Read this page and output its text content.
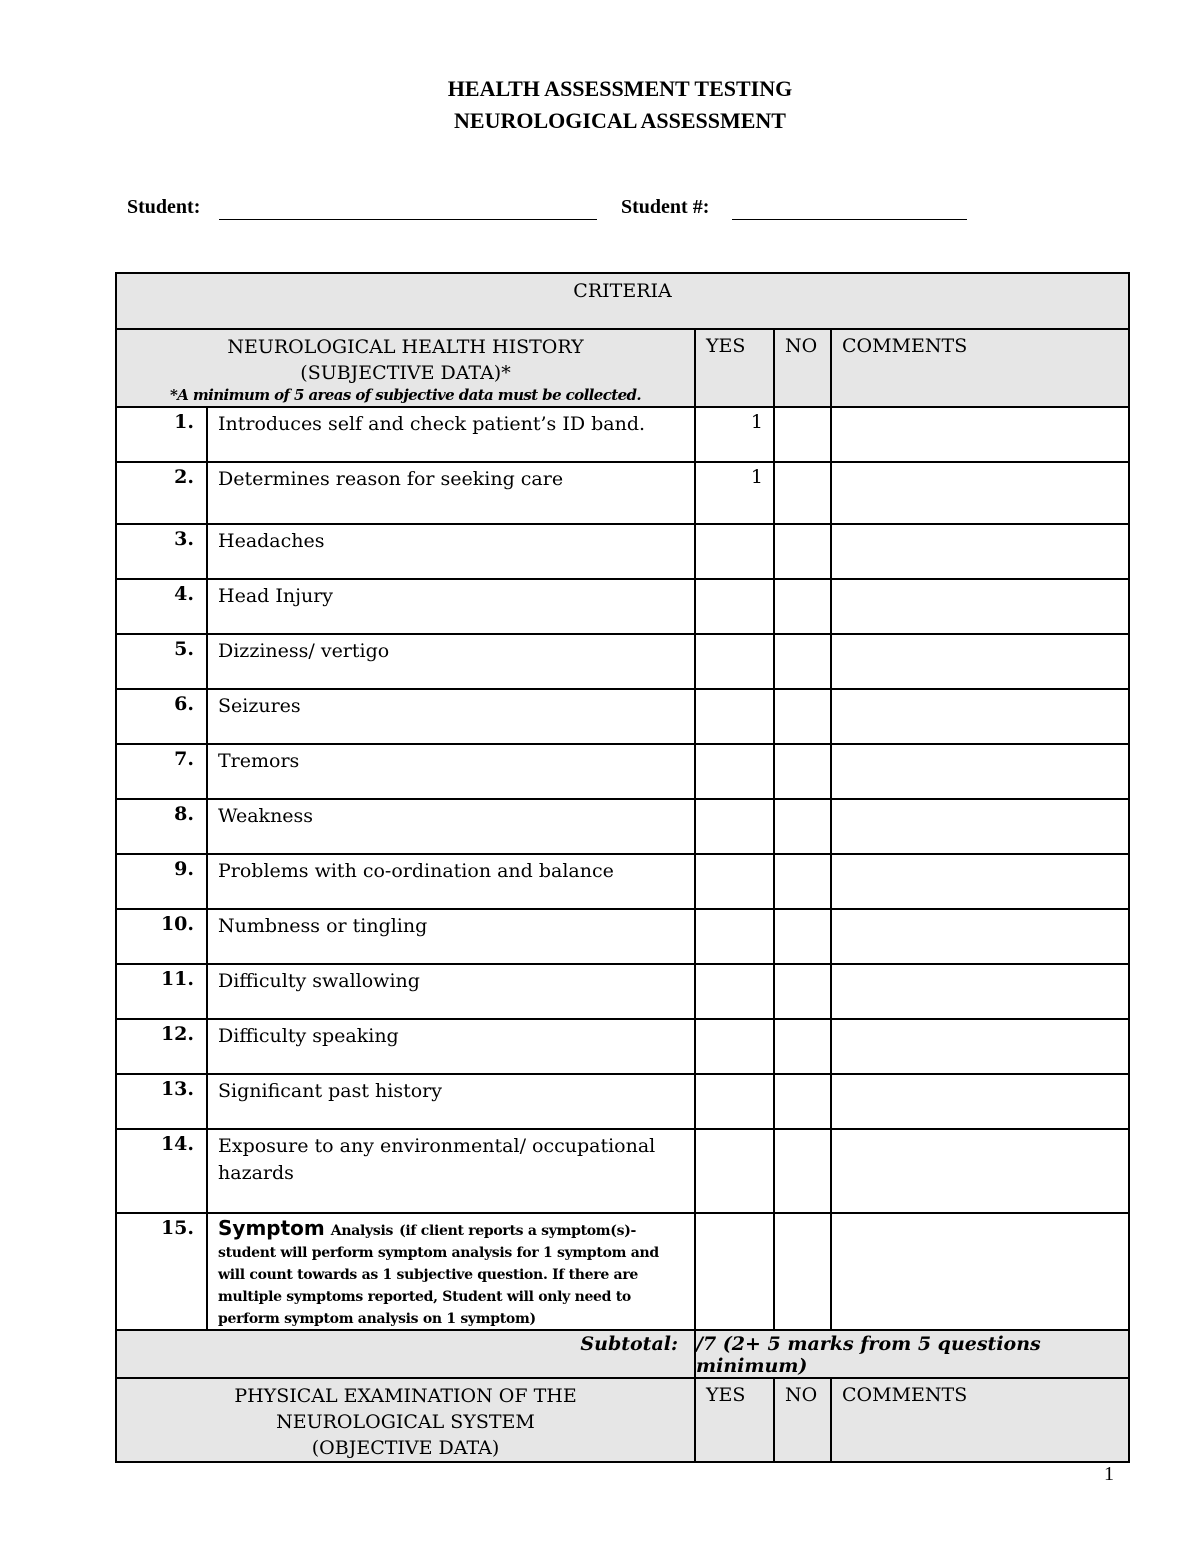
HEALTH ASSESSMENT TESTING
NEUROLOGICAL ASSESSMENT
Student:	Student #:
CRITERIA				

NEUROLOGICAL HEALTH HISTORY
(SUBJECTIVE DATA)*
*A minimum of 5 areas of subjective data must be collected.		YES	NO	COMMENTS
1.	Introduces self and check patient’s ID band.	1		
2.	Determines reason for seeking care	1		
3.	Headaches			
4.	Head Injury			
5.	Dizziness/ vertigo			
6.	Seizures			
7.	Tremors			
8.	Weakness			
9.	Problems with co-ordination and balance			
10.	Numbness or tingling			
11.	Difficulty swallowing			
12.	Difficulty speaking			
13.	Significant past history			
14.	Exposure to any environmental/ occupational hazards			
15.	Symptom Analysis (if client reports a symptom(s)-student will perform symptom analysis for 1 symptom and will count towards as 1 subjective question. If there are multiple symptoms reported, Student will only need to perform symptom analysis on 1 symptom)			
Subtotal:		/7 (2+ 5 marks from 5 questions minimum)		

PHYSICAL EXAMINATION OF THE
NEUROLOGICAL SYSTEM
(OBJECTIVE DATA)		YES	NO	COMMENTS
1
